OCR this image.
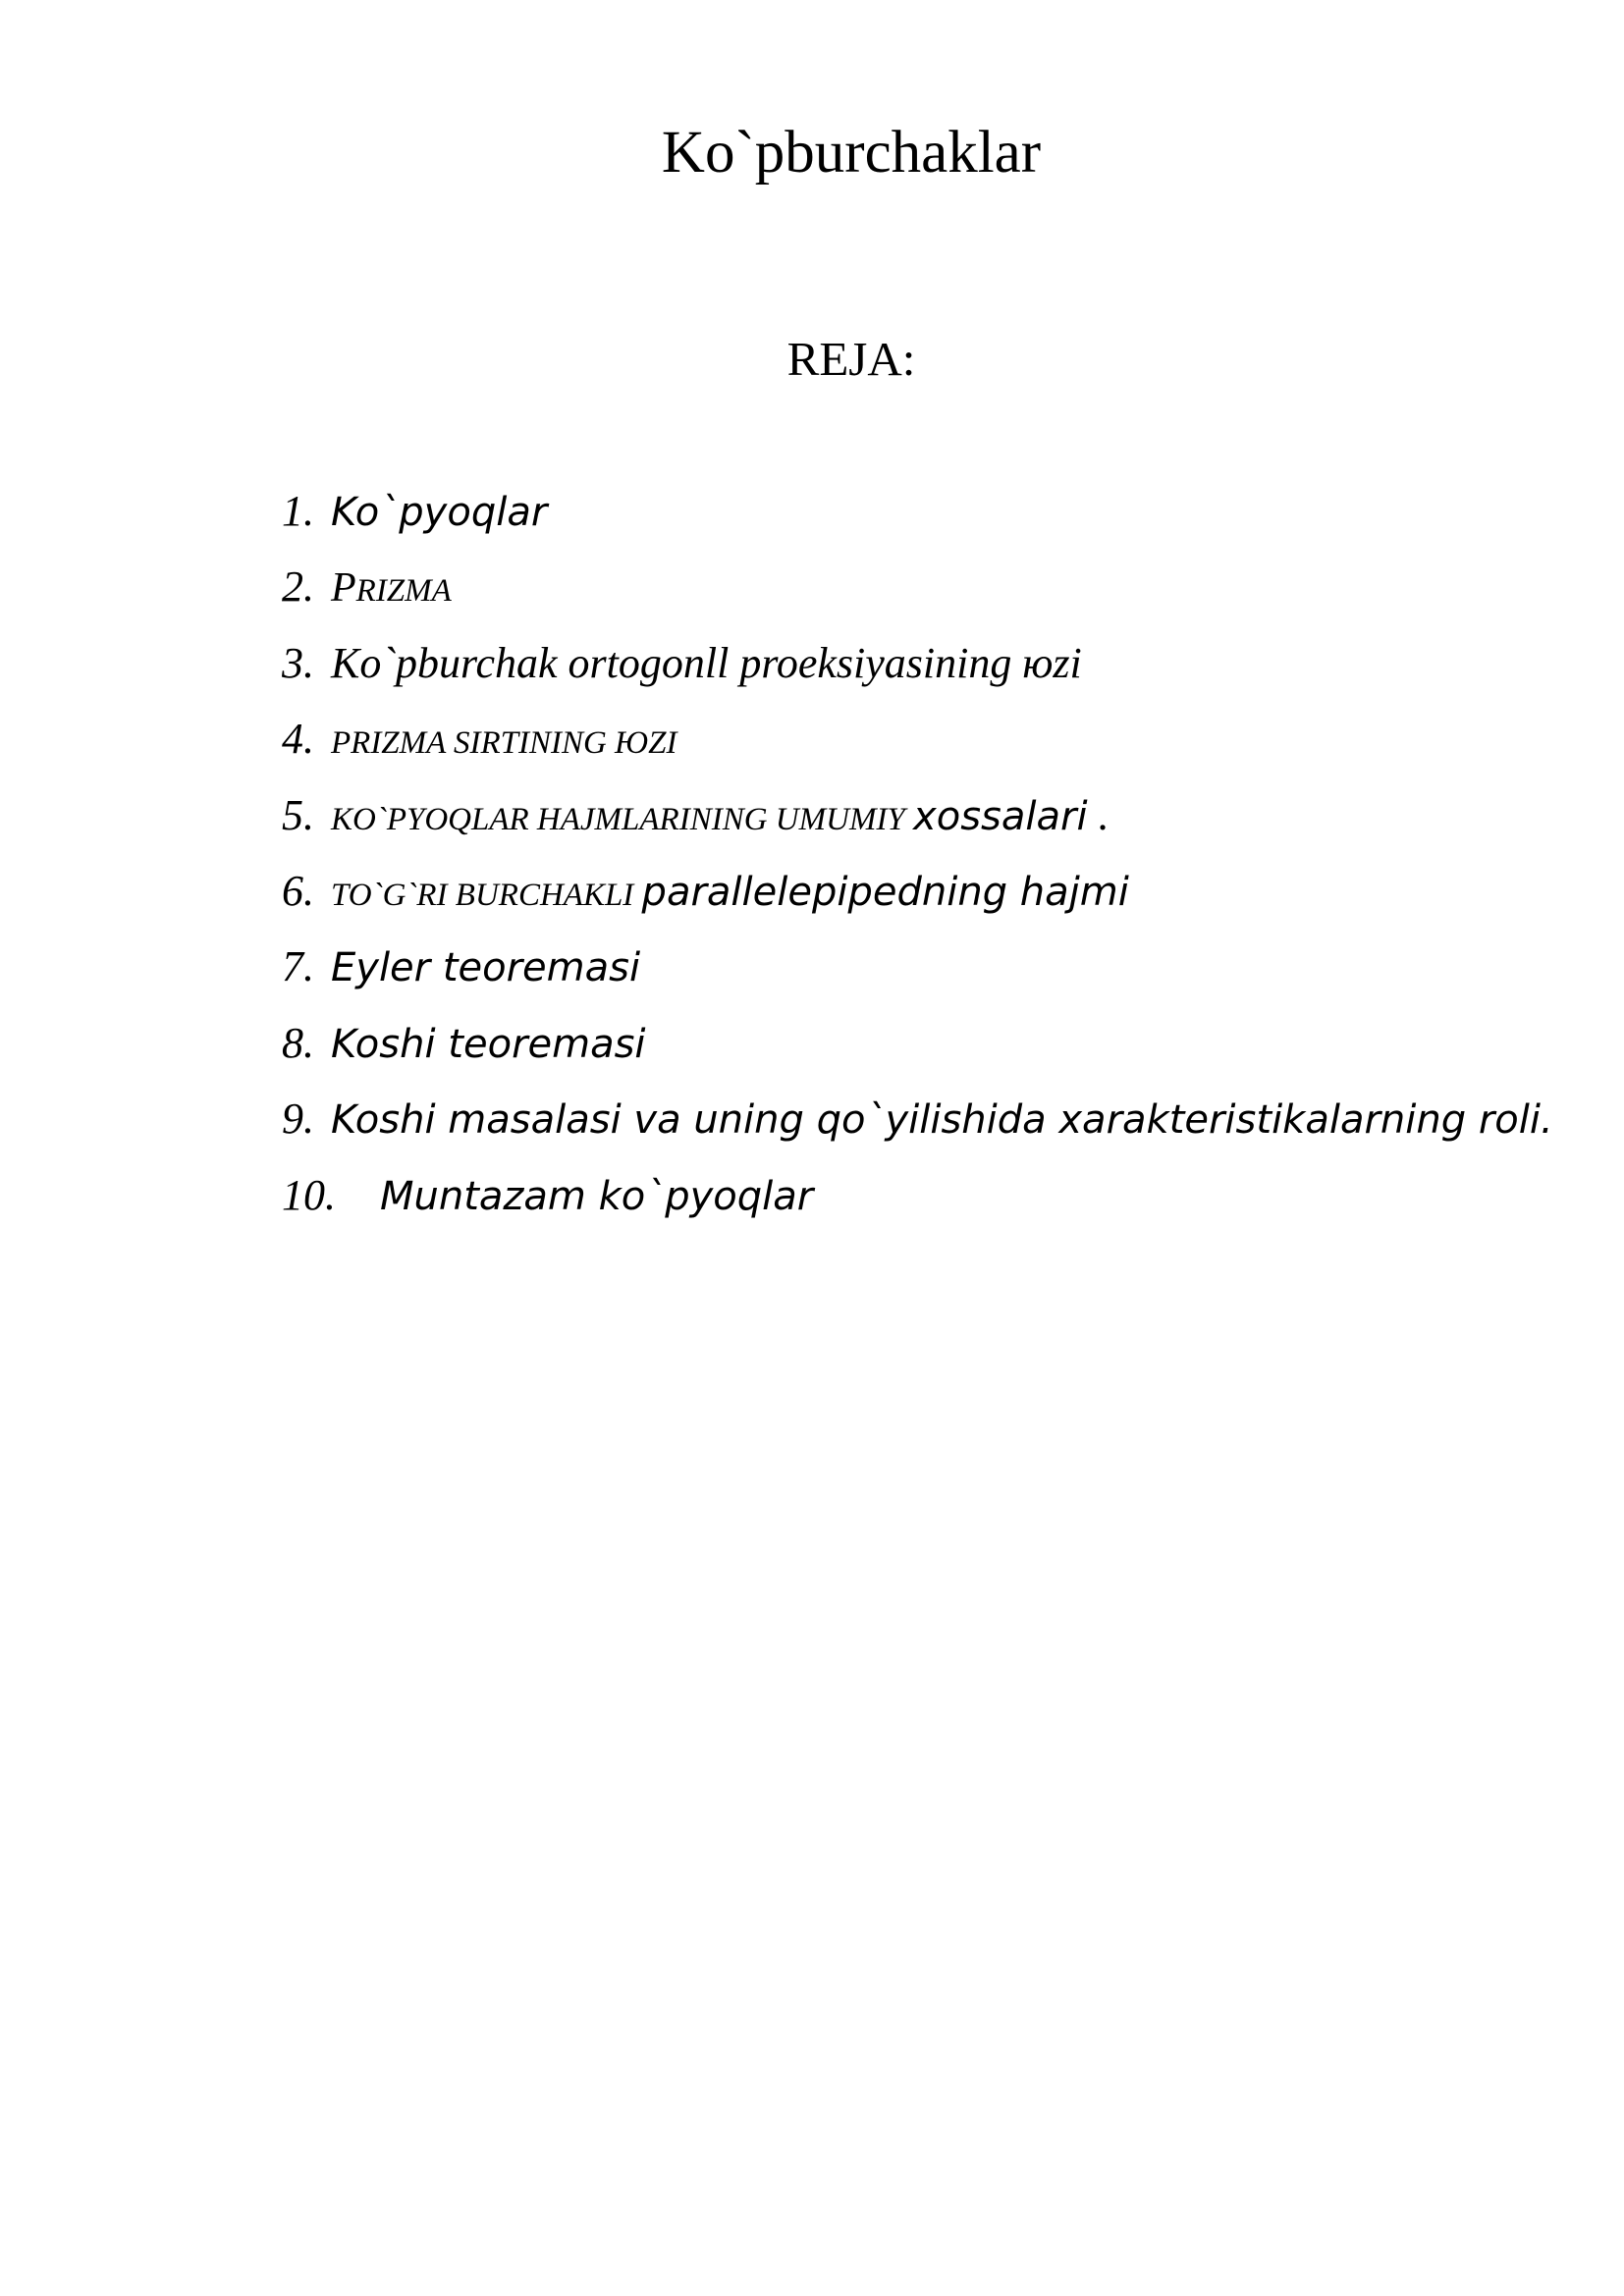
Ko`pburchaklar
REJA:
1. Ko`pyoqlar
2. PRIZMA
3. Ko`pburchak ortogonll proeksiyasining юzi
4. PRIZMA SIRTINING ЮZI
5. KO`PYOQLAR HAJMLARINING UMUMIY xossalari .
6. TO`G`RI BURCHAKLI parallelepipedning hajmi
7. Eyler teoremasi
8. Koshi teoremasi
9. Koshi masalasi va uning qo`yilishida xarakteristikalarning roli.
10. Muntazam ko`pyoqlar
